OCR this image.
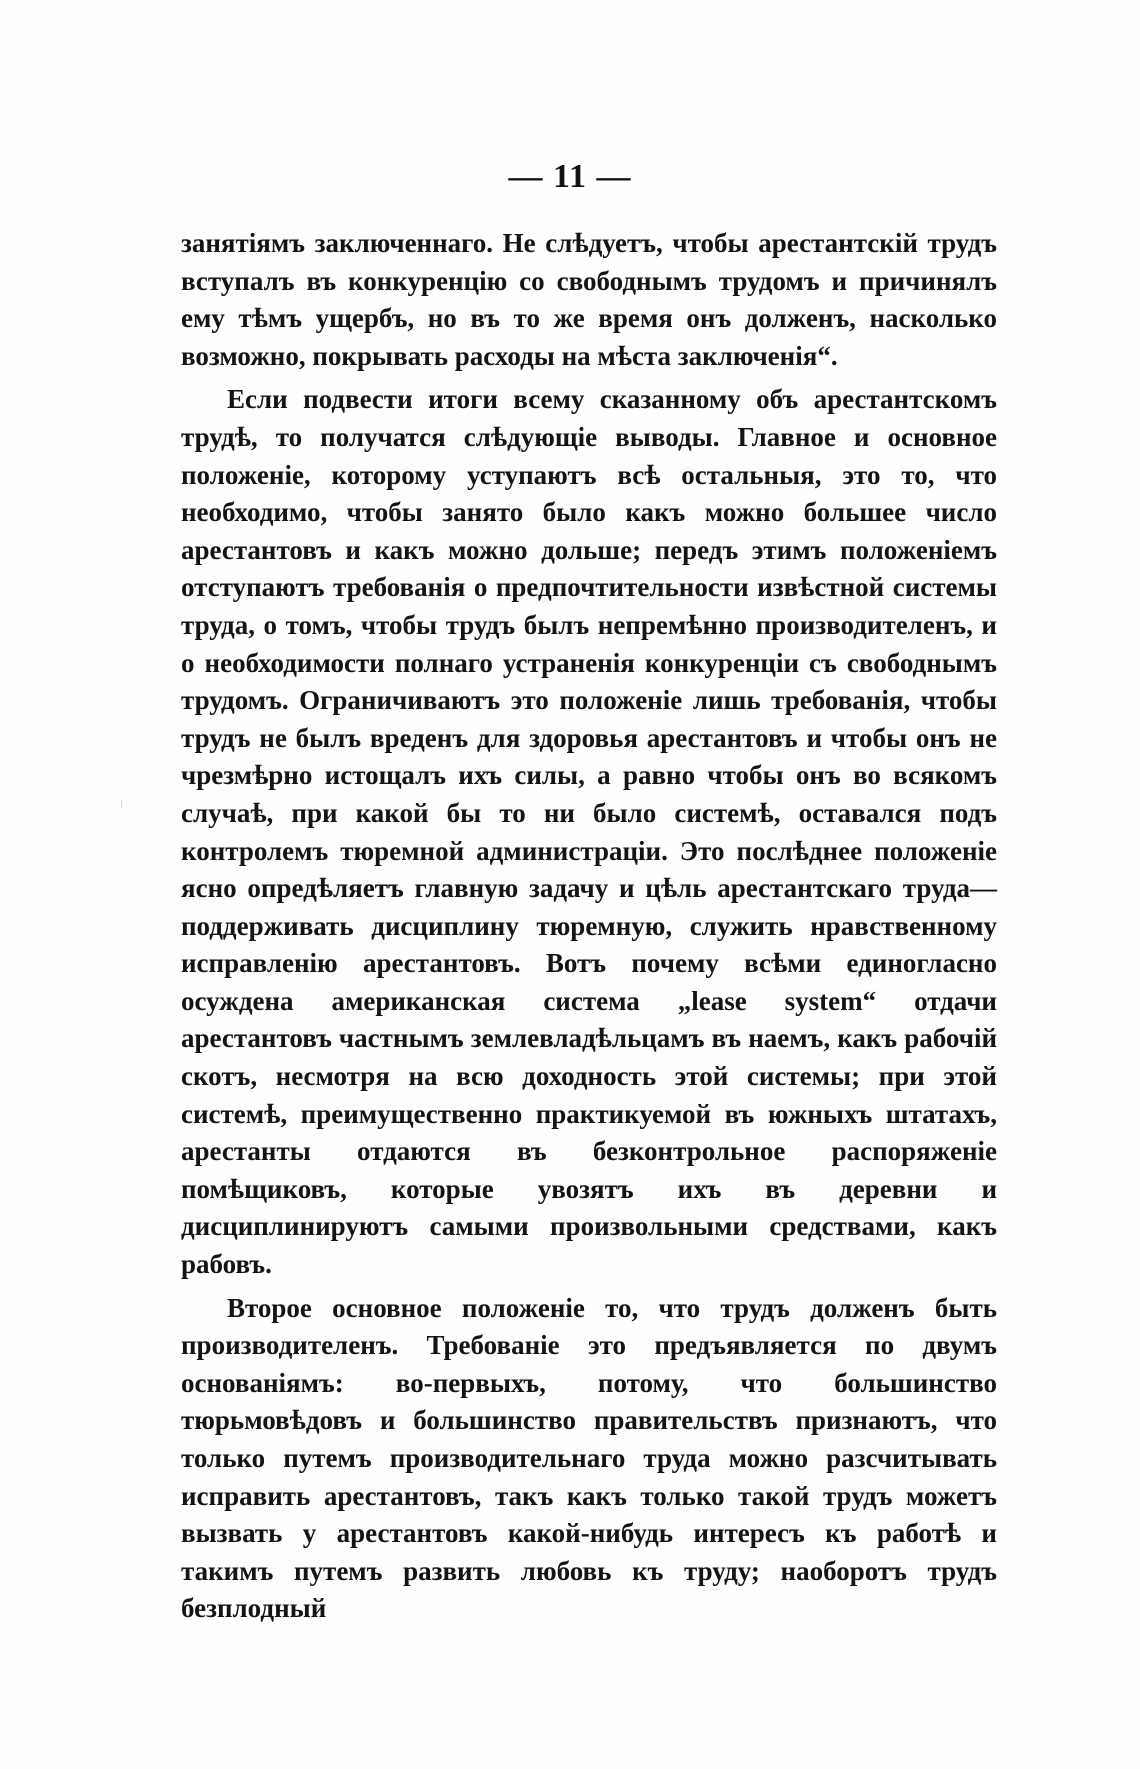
— 11 —

занятіямъ заключеннаго. Не слѣдуетъ, чтобы арестантскій трудъ вступалъ въ конкуренцію со свободнымъ трудомъ и причинялъ ему тѣмъ ущербъ, но въ то же время онъ долженъ, насколько возможно, покрывать расходы на мѣста заключенія“.

Если подвести итоги всему сказанному объ арестантскомъ трудѣ, то получатся слѣдующіе выводы. Главное и основное положеніе, которому уступаютъ всѣ остальныя, это то, что необходимо, чтобы занято было какъ можно большее число арестантовъ и какъ можно дольше; передъ этимъ положеніемъ отступаютъ требованія о предпочтительности извѣстной системы труда, о томъ, чтобы трудъ былъ непремѣнно производителенъ, и о необходимости полнаго устраненія конкуренціи съ свободнымъ трудомъ. Ограничиваютъ это положеніе лишь требованія, чтобы трудъ не былъ вреденъ для здоровья арестантовъ и чтобы онъ не чрезмѣрно истощалъ ихъ силы, а равно чтобы онъ во всякомъ случаѣ, при какой бы то ни было системѣ, оставался подъ контролемъ тюремной администраціи. Это послѣднее положеніе ясно опредѣляетъ главную задачу и цѣль арестантскаго труда—поддерживать дисциплину тюремную, служить нравственному исправленію арестантовъ. Вотъ почему всѣми единогласно осуждена американская система „lease system“ отдачи арестантовъ частнымъ землевладѣльцамъ въ наемъ, какъ рабочій скотъ, несмотря на всю доходность этой системы; при этой системѣ, преимущественно практикуемой въ южныхъ штатахъ, арестанты отдаются въ безконтрольное распоряженіе помѣщиковъ, которые увозятъ ихъ въ деревни и дисциплинируютъ самыми произвольными средствами, какъ рабовъ.

Второе основное положеніе то, что трудъ долженъ быть производителенъ. Требованіе это предъявляется по двумъ основаніямъ: во-первыхъ, потому, что большинство тюрьмовѣдовъ и большинство правительствъ признаютъ, что только путемъ производительнаго труда можно разсчитывать исправить арестантовъ, такъ какъ только такой трудъ можетъ вызвать у арестантовъ какой-нибудь интересъ къ работѣ и такимъ путемъ развить любовь къ труду; наоборотъ трудъ безплодный
